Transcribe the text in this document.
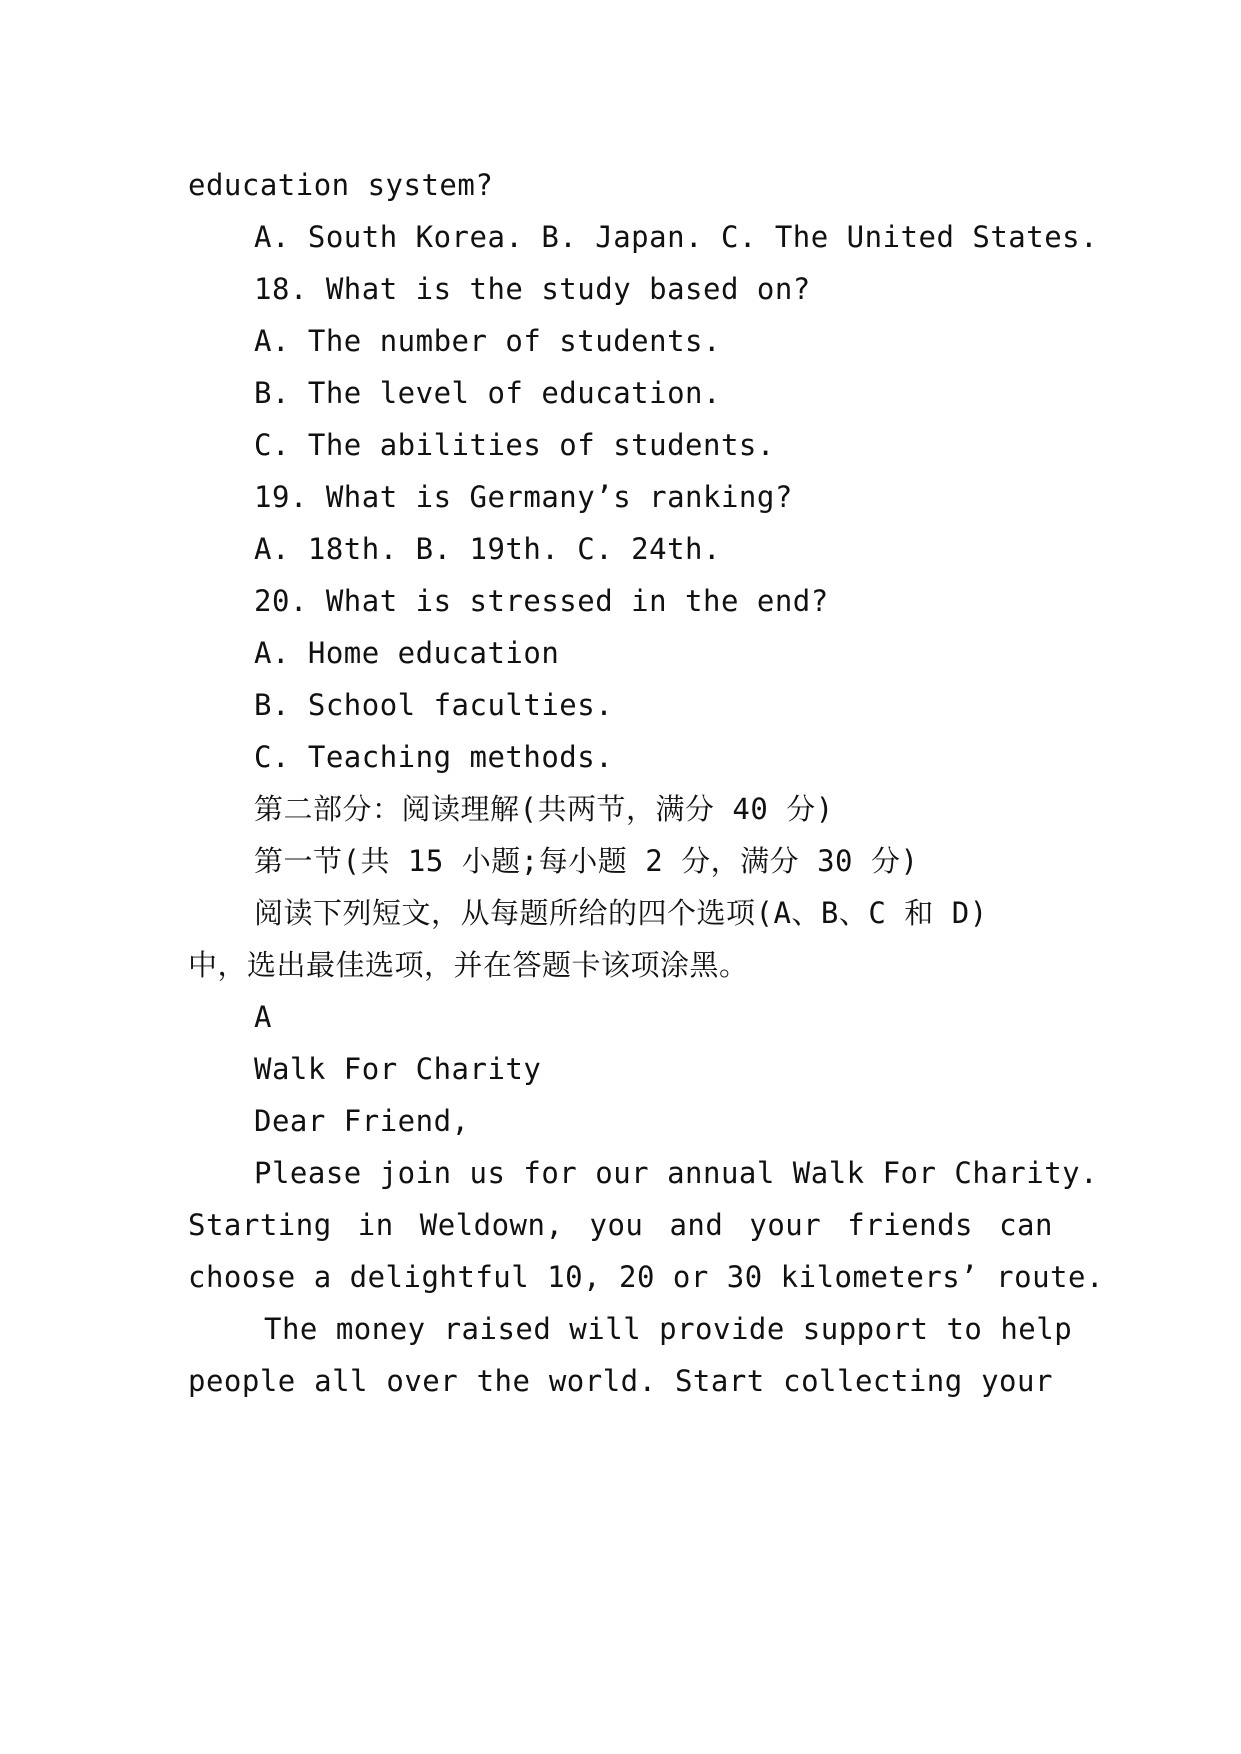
education system?
A. South Korea. B. Japan. C. The United States.
18. What is the study based on?
A. The number of students.
B. The level of education.
C. The abilities of students.
19. What is Germany’s ranking?
A. 18th. B. 19th. C. 24th.
20. What is stressed in the end?
A. Home education
B. School faculties.
C. Teaching methods.
第二部分：阅读理解(共两节，满分 40 分)
第一节(共 15 小题;每小题 2 分，满分 30 分)
阅读下列短文，从每题所给的四个选项(A、B、C 和 D)
中，选出最佳选项，并在答题卡该项涂黑。
A
Walk For Charity
Dear Friend,
Please join us for our annual Walk For Charity.
Starting in Weldown, you and your friends can
choose a delightful 10, 20 or 30 kilometers’ route.
The money raised will provide support to help
people all over the world. Start collecting your
